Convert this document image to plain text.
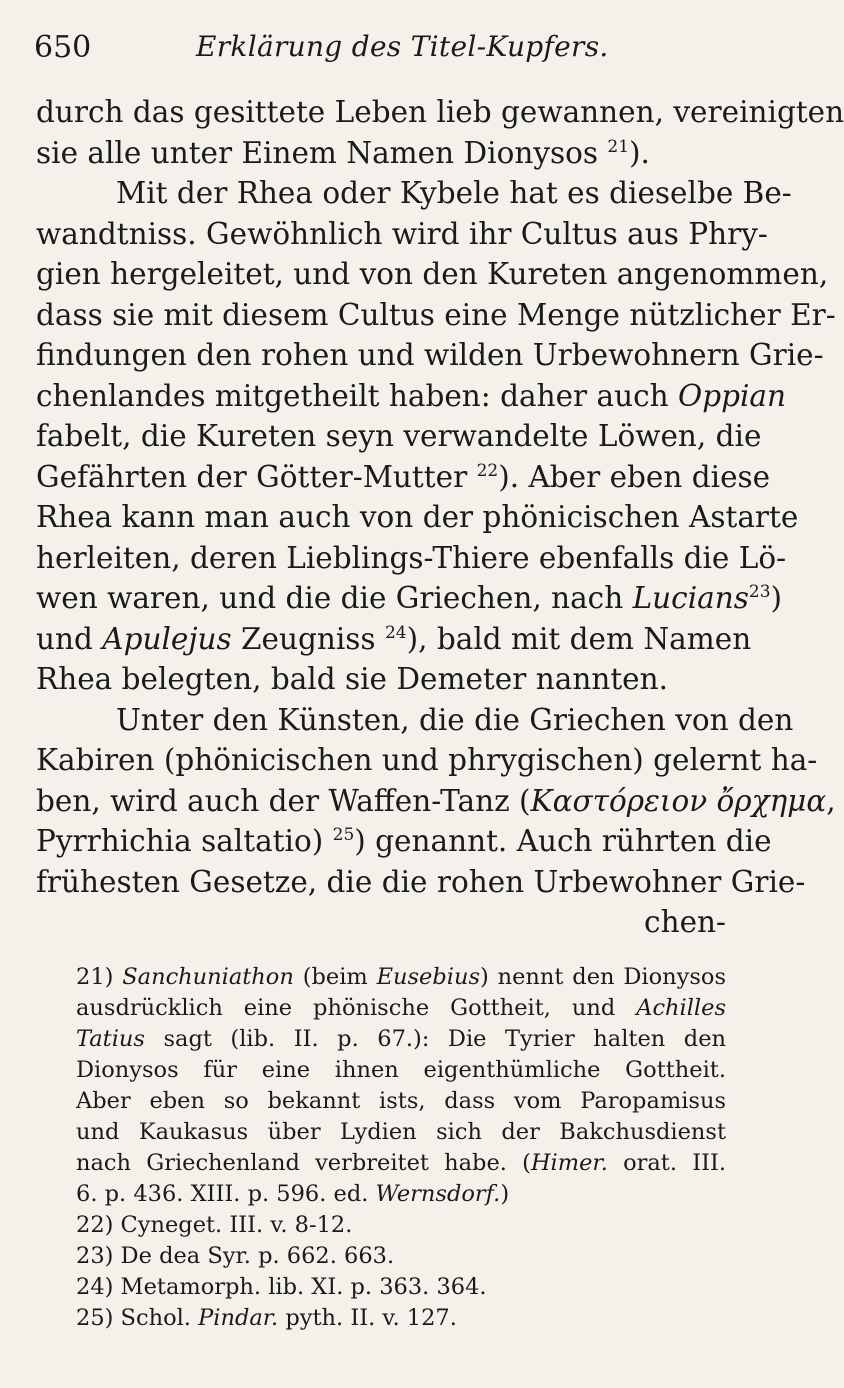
650	Erklärung des Titel-Kupfers.
durch das gesittete Leben lieb gewannen, vereinigten
sie alle unter Einem Namen Dionysos $^{21}$).
Mit der Rhea oder Kybele hat es dieselbe Be-
wandtniss. Gewöhnlich wird ihr Cultus aus Phry-
gien hergeleitet, und von den Kureten angenommen,
dass sie mit diesem Cultus eine Menge nützlicher Er-
findungen den rohen und wilden Urbewohnern Grie-
chenlandes mitgetheilt haben: daher auch Oppian
fabelt, die Kureten seyn verwandelte Löwen, die
Gefährten der Götter-Mutter $^{22}$). Aber eben diese
Rhea kann man auch von der phönicischen Astarte
herleiten, deren Lieblings-Thiere ebenfalls die Lö-
wen waren, und die die Griechen, nach Lucians$^{23}$)
und Apulejus Zeugniss $^{24}$), bald mit dem Namen
Rhea belegten, bald sie Demeter nannten.
Unter den Künsten, die die Griechen von den
Kabiren (phönicischen und phrygischen) gelernt ha-
ben, wird auch der Waffen-Tanz (Καστόρειον ὄρχημα,
Pyrrhichia saltatio) $^{25}$) genannt. Auch rührten die
frühesten Gesetze, die die rohen Urbewohner Grie-
chen-
21) Sanchuniathon (beim Eusebius) nennt den Dionysos
ausdrücklich eine phönische Gottheit, und Achilles
Tatius sagt (lib. II. p. 67.): Die Tyrier halten den
Dionysos für eine ihnen eigenthümliche Gottheit.
Aber eben so bekannt ists, dass vom Paropamisus
und Kaukasus über Lydien sich der Bakchusdienst
nach Griechenland verbreitet habe. (Himer. orat. III.
6. p. 436. XIII. p. 596. ed. Wernsdorf.)
22) Cyneget. III. v. 8-12.
23) De dea Syr. p. 662. 663.
24) Metamorph. lib. XI. p. 363. 364.
25) Schol. Pindar. pyth. II. v. 127.
